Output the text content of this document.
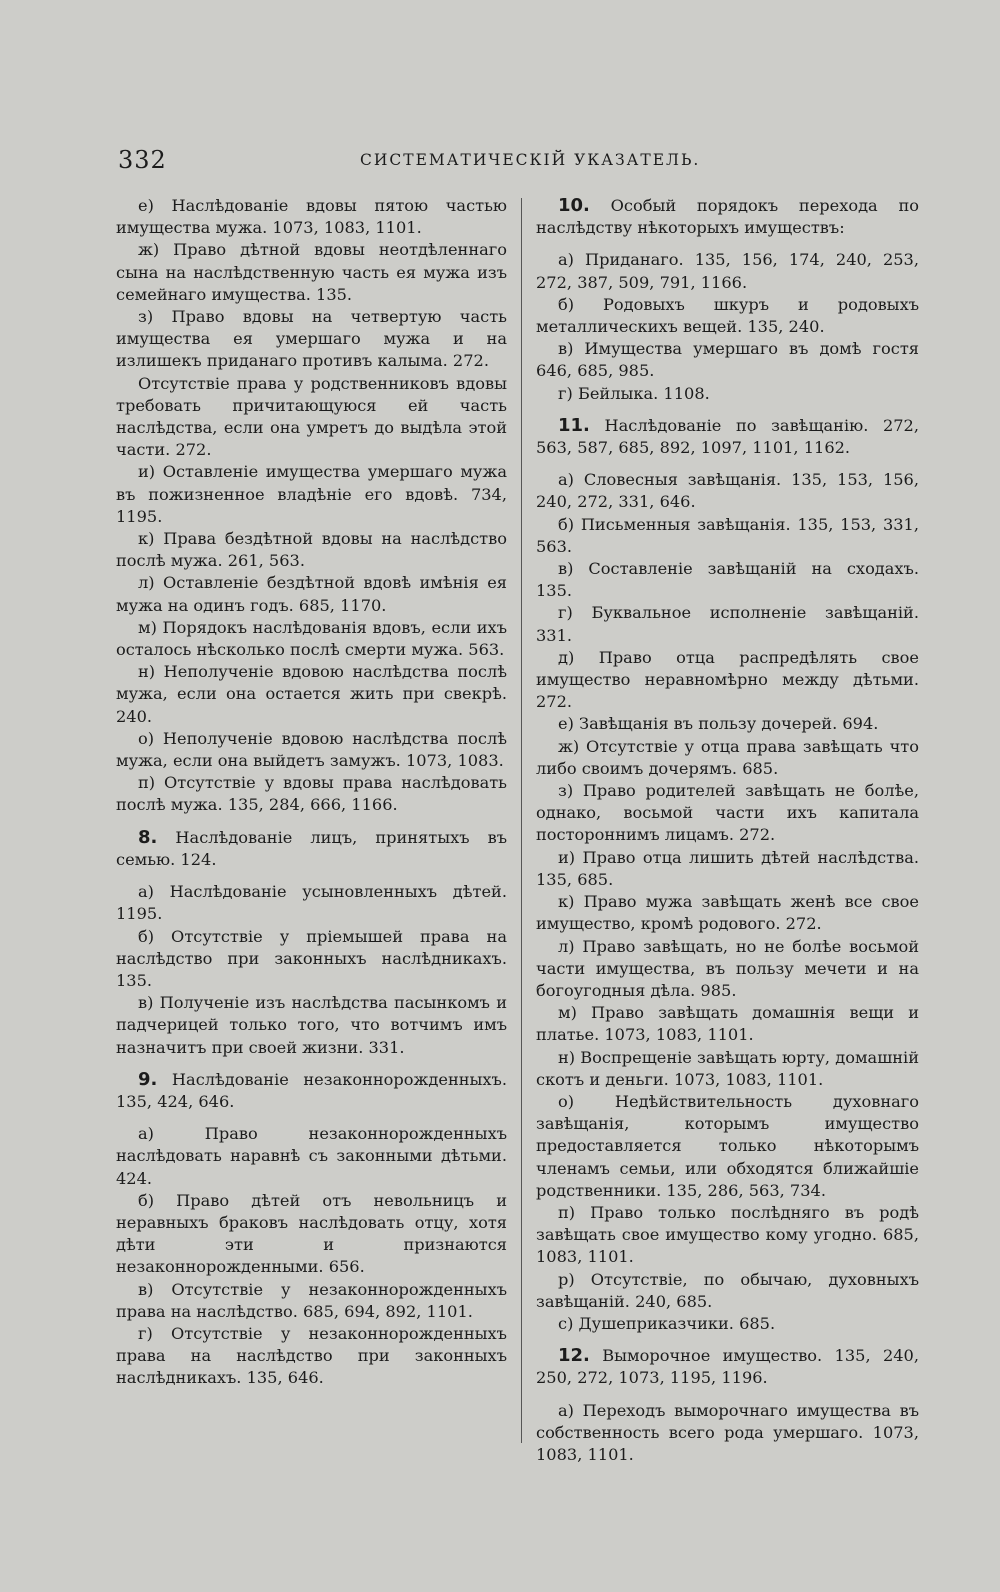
332	СИСТЕМАТИЧЕСКІЙ УКАЗАТЕЛЬ.

е) Наслѣдованіе вдовы пятою частью имущества мужа. 1073, 1083, 1101.

ж) Право дѣтной вдовы неотдѣленнаго сына на наслѣдственную часть ея мужа изъ семейнаго имущества. 135.

з) Право вдовы на четвертую часть имущества ея умершаго мужа и на излишекъ приданаго противъ калыма. 272.

Отсутствіе права у родственниковъ вдовы требовать причитающуюся ей часть наслѣдства, если она умретъ до выдѣла этой части. 272.

и) Оставленіе имущества умершаго мужа въ пожизненное владѣніе его вдовѣ. 734, 1195.

к) Права бездѣтной вдовы на наслѣдство послѣ мужа. 261, 563.

л) Оставленіе бездѣтной вдовѣ имѣнія ея мужа на одинъ годъ. 685, 1170.

м) Порядокъ наслѣдованія вдовъ, если ихъ осталось нѣсколько послѣ смерти мужа. 563.

н) Неполученіе вдовою наслѣдства послѣ мужа, если она остается жить при свекрѣ. 240.

о) Неполученіе вдовою наслѣдства послѣ мужа, если она выйдетъ замужъ. 1073, 1083.

п) Отсутствіе у вдовы права наслѣдовать послѣ мужа. 135, 284, 666, 1166.

8. Наслѣдованіе лицъ, принятыхъ въ семью. 124.

а) Наслѣдованіе усыновленныхъ дѣтей. 1195.

б) Отсутствіе у пріемышей права на наслѣдство при законныхъ наслѣдникахъ. 135.

в) Полученіе изъ наслѣдства пасынкомъ и падчерицей только того, что вотчимъ имъ назначитъ при своей жизни. 331.

9. Наслѣдованіе незаконнорожденныхъ. 135, 424, 646.

а) Право незаконнорожденныхъ наслѣдовать наравнѣ съ законными дѣтьми. 424.

б) Право дѣтей отъ невольницъ и неравныхъ браковъ наслѣдовать отцу, хотя дѣти эти и признаются незаконнорожденными. 656.

в) Отсутствіе у незаконнорожденныхъ права на наслѣдство. 685, 694, 892, 1101.

г) Отсутствіе у незаконнорожденныхъ права на наслѣдство при законныхъ наслѣдникахъ. 135, 646.

10. Особый порядокъ перехода по наслѣдству нѣкоторыхъ имуществъ:

а) Приданаго. 135, 156, 174, 240, 253, 272, 387, 509, 791, 1166.

б) Родовыхъ шкуръ и родовыхъ металлическихъ вещей. 135, 240.

в) Имущества умершаго въ домѣ гостя 646, 685, 985.

г) Бейлыка. 1108.

11. Наслѣдованіе по завѣщанію. 272, 563, 587, 685, 892, 1097, 1101, 1162.

а) Словесныя завѣщанія. 135, 153, 156, 240, 272, 331, 646.

б) Письменныя завѣщанія. 135, 153, 331, 563.

в) Составленіе завѣщаній на сходахъ. 135.

г) Буквальное исполненіе завѣщаній. 331.

д) Право отца распредѣлять свое имущество неравномѣрно между дѣтьми. 272.

е) Завѣщанія въ пользу дочерей. 694.

ж) Отсутствіе у отца права завѣщать что либо своимъ дочерямъ. 685.

з) Право родителей завѣщать не болѣе, однако, восьмой части ихъ капитала постороннимъ лицамъ. 272.

и) Право отца лишить дѣтей наслѣдства. 135, 685.

к) Право мужа завѣщать женѣ все свое имущество, кромѣ родового. 272.

л) Право завѣщать, но не болѣе восьмой части имущества, въ пользу мечети и на богоугодныя дѣла. 985.

м) Право завѣщать домашнія вещи и платье. 1073, 1083, 1101.

н) Воспрещеніе завѣщать юрту, домашній скотъ и деньги. 1073, 1083, 1101.

о) Недѣйствительность духовнаго завѣщанія, которымъ имущество предоставляется только нѣкоторымъ членамъ семьи, или обходятся ближайшіе родственники. 135, 286, 563, 734.

п) Право только послѣдняго въ родѣ завѣщать свое имущество кому угодно. 685, 1083, 1101.

р) Отсутствіе, по обычаю, духовныхъ завѣщаній. 240, 685.

с) Душеприказчики. 685.

12. Выморочное имущество. 135, 240, 250, 272, 1073, 1195, 1196.

а) Переходъ выморочнаго имущества въ собственность всего рода умершаго. 1073, 1083, 1101.
